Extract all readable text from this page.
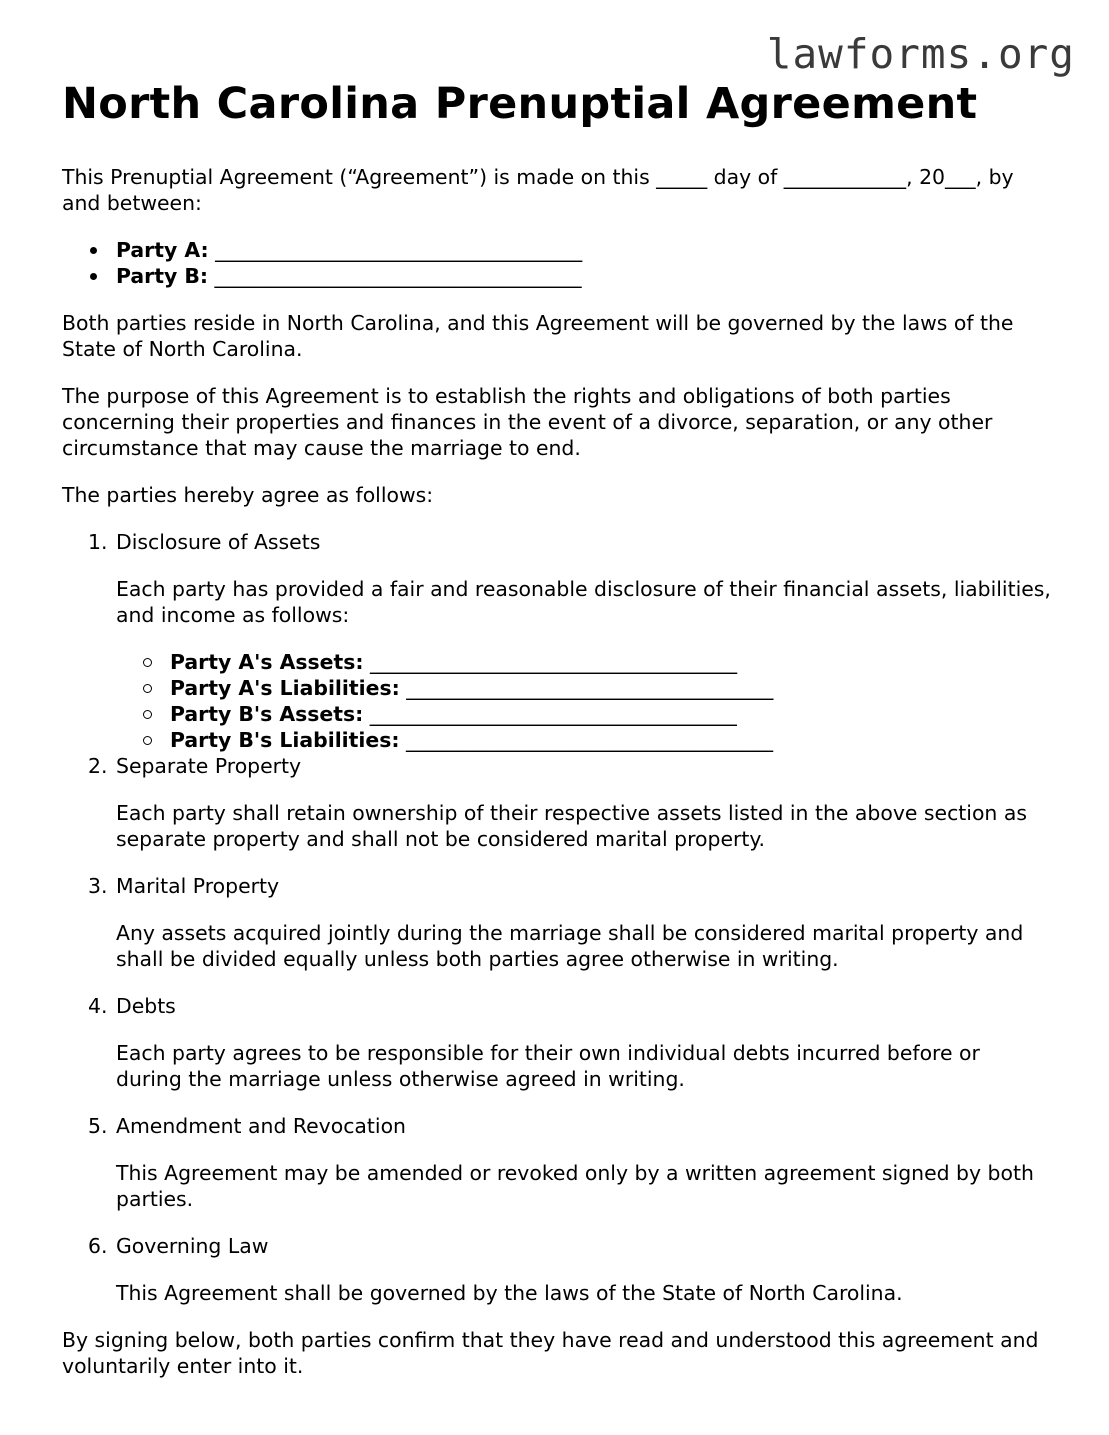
lawforms.org
North Carolina Prenuptial Agreement

This Prenuptial Agreement (“Agreement”) is made on this _____ day of ____________, 20___, by and between:

Party A: ____________________________________
Party B: ____________________________________

Both parties reside in North Carolina, and this Agreement will be governed by the laws of the State of North Carolina.

The purpose of this Agreement is to establish the rights and obligations of both parties concerning their properties and finances in the event of a divorce, separation, or any other circumstance that may cause the marriage to end.

The parties hereby agree as follows:

1. Disclosure of Assets
Each party has provided a fair and reasonable disclosure of their financial assets, liabilities, and income as follows:
Party A's Assets: ____________________________________
Party A's Liabilities: ____________________________________
Party B's Assets: ____________________________________
Party B's Liabilities: ____________________________________
2. Separate Property
Each party shall retain ownership of their respective assets listed in the above section as separate property and shall not be considered marital property.
3. Marital Property
Any assets acquired jointly during the marriage shall be considered marital property and shall be divided equally unless both parties agree otherwise in writing.
4. Debts
Each party agrees to be responsible for their own individual debts incurred before or during the marriage unless otherwise agreed in writing.
5. Amendment and Revocation
This Agreement may be amended or revoked only by a written agreement signed by both parties.
6. Governing Law
This Agreement shall be governed by the laws of the State of North Carolina.

By signing below, both parties confirm that they have read and understood this agreement and voluntarily enter into it.
